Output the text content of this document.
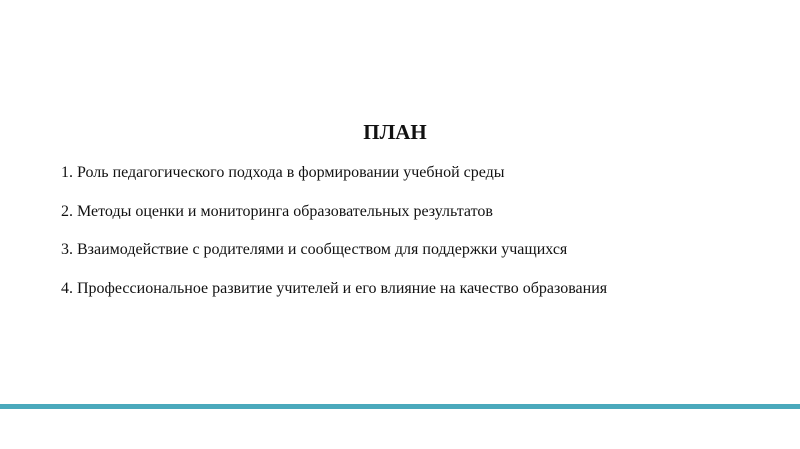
ПЛАН
1. Роль педагогического подхода в формировании учебной среды
2. Методы оценки и мониторинга образовательных результатов
3. Взаимодействие с родителями и сообществом для поддержки учащихся
4. Профессиональное развитие учителей и его влияние на качество образования
